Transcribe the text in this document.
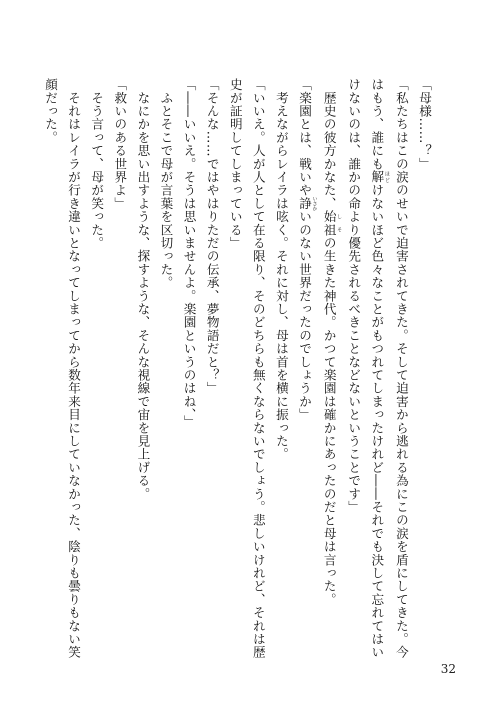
「母様……？」
「私たちはこの涙のせいで迫害されてきた。そして迫害から逃れる為にこの涙を盾にしてきた。今
はもう、誰にも解 ほどけないほど色々なことがもつれてしまったけれど――それでも決して忘れてはい
けないのは、誰かの命より優先されるべきことなどないということです」
　歴史の彼方かなた、始祖 しその生きた神代。かつて楽園は確かにあったのだと母は言った。
「楽園とは、戦いや諍 いさかいのない世界だったのでしょうか」
　考えながらレイラは呟く。それに対し、母は首を横に振った。
「いいえ。人が人として在る限り、そのどちらも無くならないでしょう。悲しいけれど、それは歴
史が証明してしまっている」
「そんな……ではやはりただの伝承、夢物語だと？」
「――いいえ。そうは思いませんよ。楽園というのはね、」
　ふとそこで母が言葉を区切った。
　なにかを思い出すような、探すような、そんな視線で宙を見上げる。
「救いのある世界よ」
　そう言って、母が笑った。
　それはレイラが行き違いとなってしまってから数年来目にしていなかった、陰りも曇りもない笑
顔だった。
32
